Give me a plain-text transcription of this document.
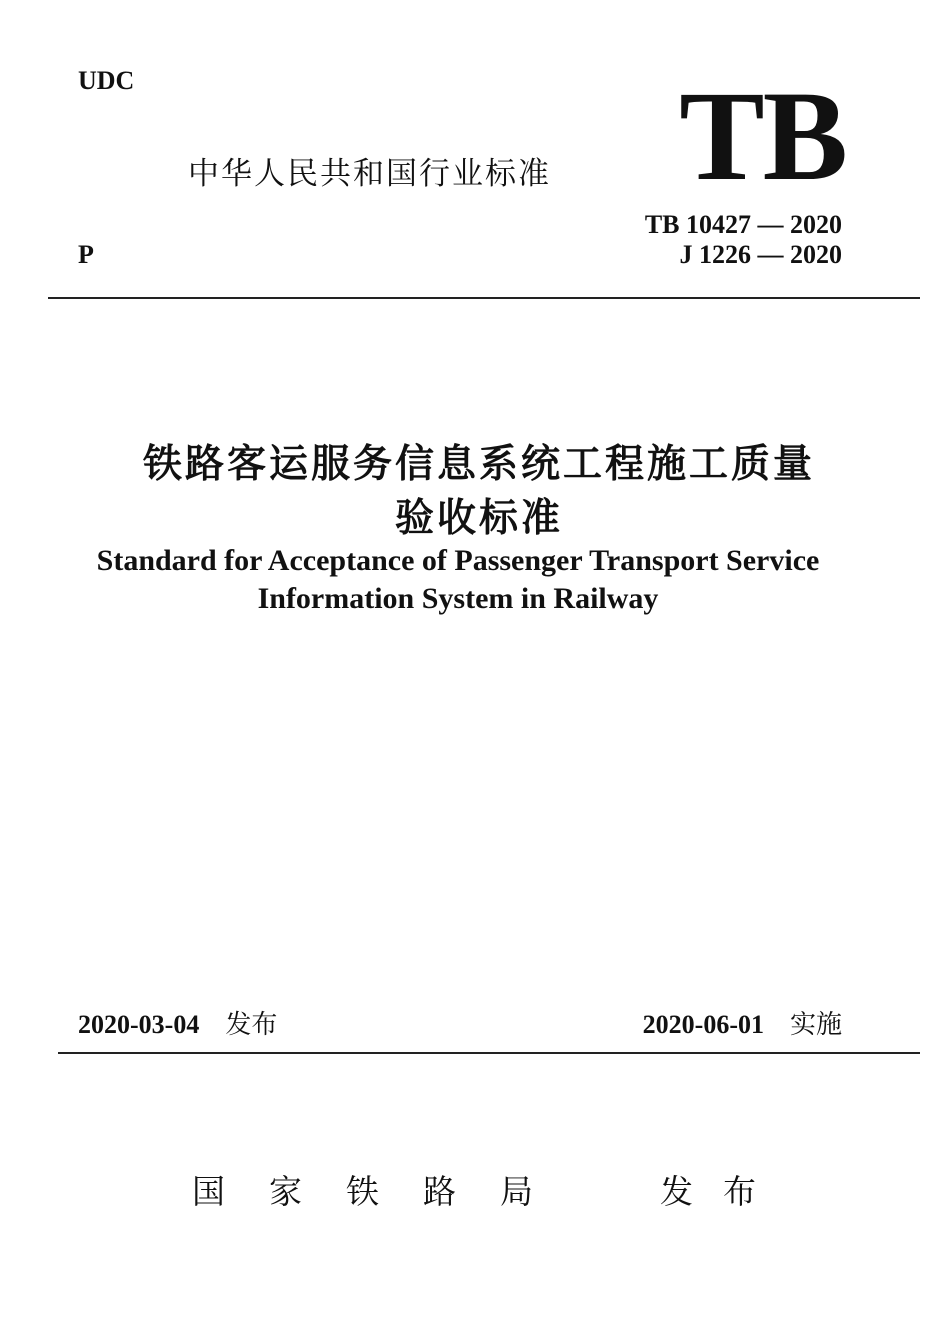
UDC
中华人民共和国行业标准 TB
TB 10427 — 2020
J 1226 — 2020
P
铁路客运服务信息系统工程施工质量
验收标准
Standard for Acceptance of Passenger Transport Service
Information System in Railway
2020-03-04 发布	2020-06-01 实施
国家铁路局	发布
